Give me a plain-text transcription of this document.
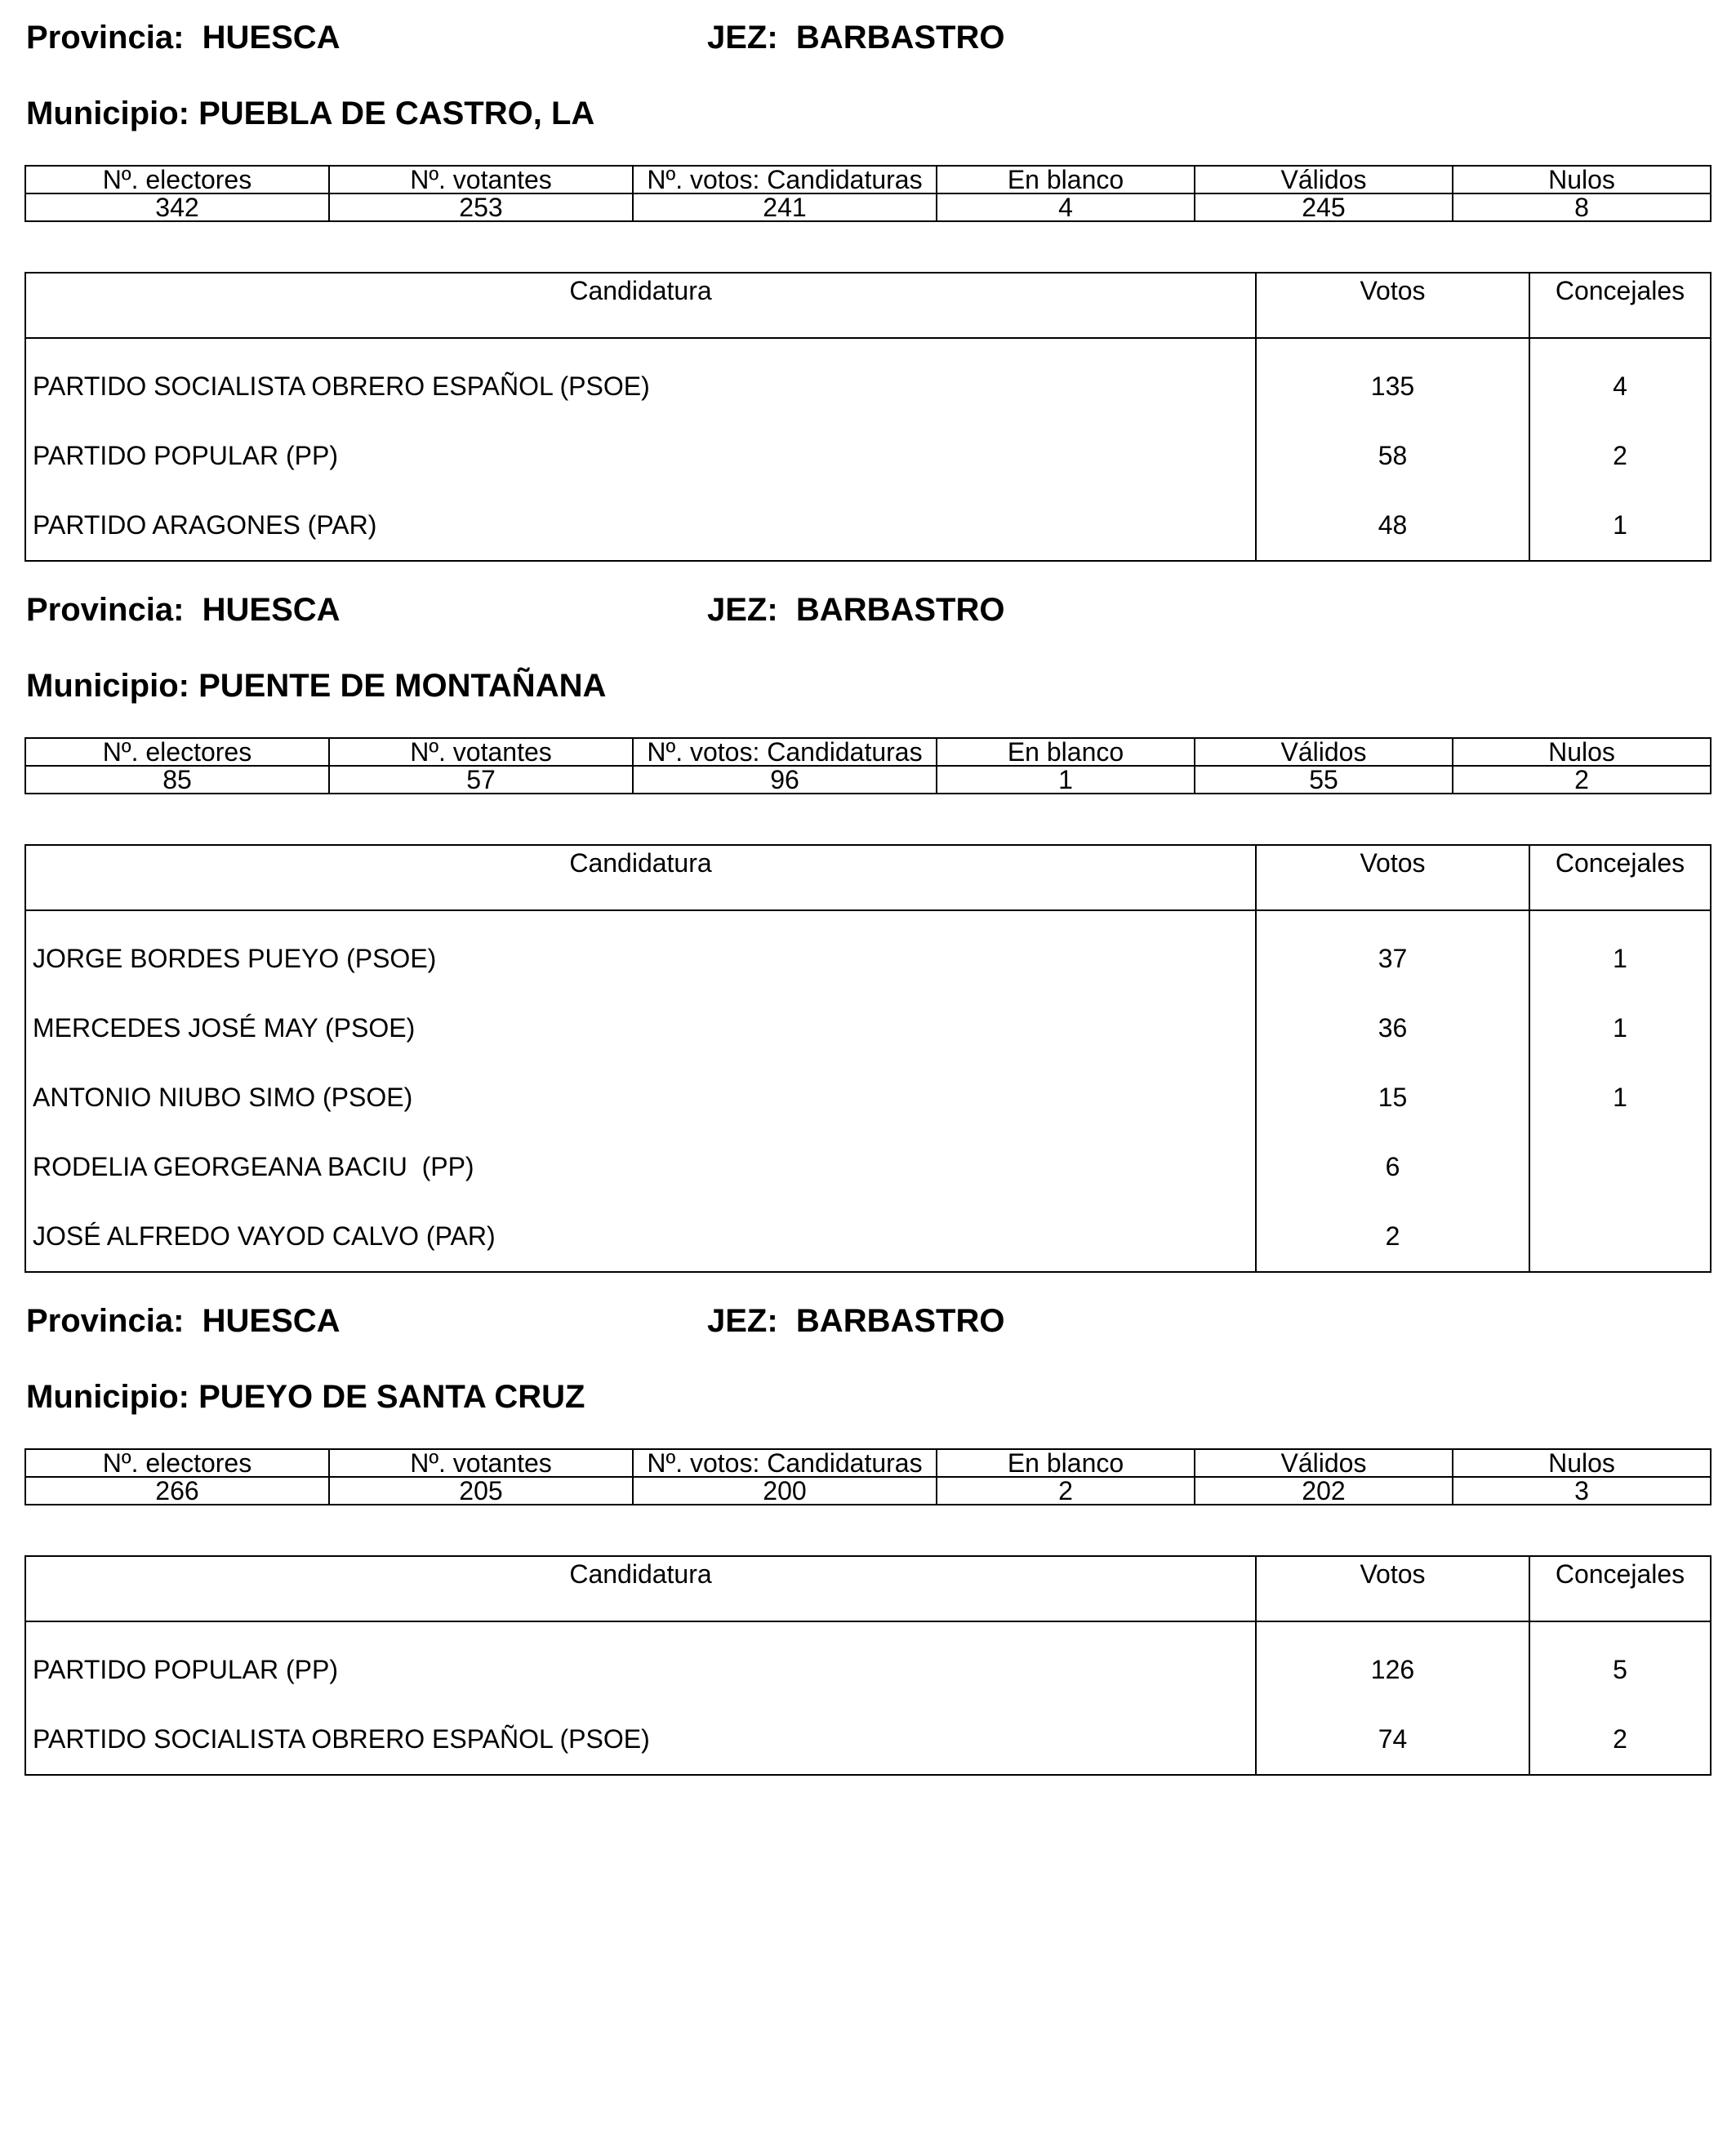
Provincia: HUESCA	JEZ: BARBASTRO
Municipio: PUEBLA DE CASTRO, LA
Nº. electores	Nº. votantes	Nº. votos: Candidaturas	En blanco	Válidos	Nulos
342	253	241	4	245	8
Candidatura	Votos	Concejales
PARTIDO SOCIALISTA OBRERO ESPAÑOL (PSOE)	135	4
PARTIDO POPULAR (PP)	58	2
PARTIDO ARAGONES (PAR)	48	1
Provincia: HUESCA	JEZ: BARBASTRO
Municipio: PUENTE DE MONTAÑANA
Nº. electores	Nº. votantes	Nº. votos: Candidaturas	En blanco	Válidos	Nulos
85	57	96	1	55	2
Candidatura	Votos	Concejales
JORGE BORDES PUEYO (PSOE)	37	1
MERCEDES JOSÉ MAY (PSOE)	36	1
ANTONIO NIUBO SIMO (PSOE)	15	1
RODELIA GEORGEANA BACIU  (PP)	6	
JOSÉ ALFREDO VAYOD CALVO (PAR)	2	
Provincia: HUESCA	JEZ: BARBASTRO
Municipio: PUEYO DE SANTA CRUZ
Nº. electores	Nº. votantes	Nº. votos: Candidaturas	En blanco	Válidos	Nulos
266	205	200	2	202	3
Candidatura	Votos	Concejales
PARTIDO POPULAR (PP)	126	5
PARTIDO SOCIALISTA OBRERO ESPAÑOL (PSOE)	74	2
